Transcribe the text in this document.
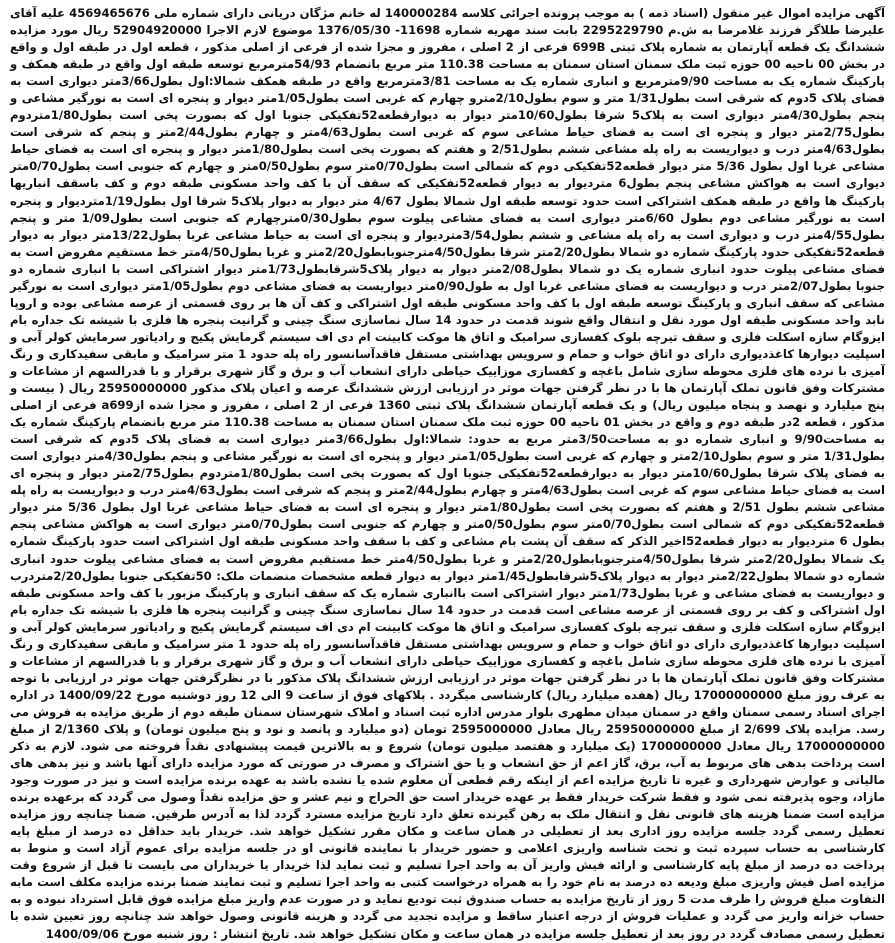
آگهی مزایده اموال غیر منقول (اسناد ذمه ) به موجب پرونده اجرائی کلاسه 140000284 له خانم مژگان دریانی دارای شماره ملی 4569465676 علیه آقای علیرضا طلاگر فرزند غلامرضا به ش.م 2295229790 بابت سند مهریه شماره 11698- 1376/05/30 موضوع لازم الاجرا 52904920000 ریال مورد مزایده ششدانگ یک قطعه آپارتمان به شماره پلاک ثبتی 699B فرعی از 2 اصلی ، مفروز و مجزا شده از فرعی از اصلی مذکور ، قطعه اول در طبقه اول و واقع در بخش 00 ناحیه 00 حوزه ثبت ملک سمنان استان سمنان به مساحت 110.38 متر مربع بانضمام 54/93مترمربع توسعه طبقه اول واقع در طبقه همکف و پارکینگ شماره یک به مساحت 9/90مترمربع و انباری شماره یک به مساحت 3/81مترمربع واقع در طبقه همکف شمالا:اول بطول3/66متر دیواری است به فضای پلاک 5دوم که شرقی است بطول1/31 متر و سوم بطول2/10مترو چهارم که غربی است بطول1/05متر دیوار و پنجره ای است به نورگیر مشاعی و پنجم بطول4/30متر دیواری است به پلاک5 شرقا بطول10/60متر دیوار به دیوارقطعه52تفکیکی جنوبا اول که بصورت پخی است بطول1/80متردوم بطول2/75متر دیوار و پنجره ای است به فضای حیاط مشاعی سوم که غربی است بطول4/63متر و چهارم بطول2/44متر و پنجم که شرقی است بطول4/63متر درب و دیواریست به راه پله مشاعی ششم بطول2/51 و هفتم که بصورت پخی است بطول1/80متر دیوار و پنجره ای است به فضای حیاط مشاعی غربا اول بطول 5/36 متر دیوار قطعه52تفکیکی دوم که شمالی است بطول0/70متر سوم بطول0/50متر و چهارم که جنوبی است بطول0/70متر دیواری است به هواکش مشاعی پنجم بطول6 متردیوار به دیوار قطعه52تفکیکی که سقف آن با کف واحد مسکونی طبقه دوم و کف باسقف انباریها پارکینگ ها واقع در طبقه همکف اشتراکی است حدود توسعه طبقه اول شمالا بطول 4/67 متر دیوار به دیوار پلاک5 شرقا اول بطول1/19متردیوار و پنجره است به نورگیر مشاعی دوم بطول 6/60متر دیواری است به فضای مشاعی پیلوت سوم بطول0/30مترچهارم که جنوبی است بطول1/09 متر و پنجم بطول4/55متر درب و دیواری است به راه پله مشاعی و ششم بطول3/54متردیوار و پنجره ای است به حیاط مشاعی غربا بطول13/22متر دیوار به دیوار قطعه52تفکیکی حدود پارکینگ شماره دو شمالا بطول2/20متر شرقا بطول4/50مترجنوبابطول2/20متر و غربا بطول4/50متر خط مستقیم مفروض است به فضای مشاعی پیلوت حدود انباری شماره یک دو شمالا بطول2/08متر دیوار به دیوار پلاک5شرقابطول1/73متر دیوار اشتراکی است با انباری شماره دو جنوبا بطول2/07متر درب و دیواریست به فضای مشاعی غربا اول به طول0/90متر دیواریست به فضای مشاعی دوم بطول1/05متر دیواری است به نورگیر مشاعی که سقف انباری و پارکینگ توسعه طبقه اول با کف واحد مسکونی طبقه اول اشتراکی و کف آن ها بر روی قسمتی از عرصه مشاعی بوده و اروپا نابد واحد مسکونی طبقه اول مورد نقل و انتقال واقع شوند قدمت در حدود 14 سال نماسازی سنگ چینی و گرانیت پنجره ها فلزی با شیشه تک جداره بام ایزوگام سازه اسکلت فلزی و سقف تیرچه بلوک کفسازی سرامیک و اتاق ها موکت کابینت ام دی اف سیستم گرمایش پکیج و رادیاتور سرمایش کولر آبی و اسپلیت دیوارها کاغذدیواری دارای دو اتاق خواب و حمام و سرویس بهداشتی مستقل فاقدآسانسور راه پله حدود 1 متر سرامیک و مابقی سفیدکاری و رنگ آمیزی با نرده های فلزی محوطه سازی شامل باغچه و کفسازی موزاییک حیاطی دارای انشعاب آب و برق و گاز شهری برقرار و با قدرالسهم از مشاعات و مشترکات وفق قانون تملک آپارتمان ها با در نظر گرفتن جهات موثر در ارزیابی ارزش ششدانگ عرصه و اعیان پلاک مذکور 25950000000 ریال ( بیست و پنج میلیارد و نهصد و پنجاه میلیون ریال) و یک قطعه آپارتمان ششدانگ پلاک ثبتی 1360 فرعی از 2 اصلی ، مفروز و مجزا شده ازa699 فرعی از اصلی مذکور ، قطعه 2در طبقه دوم و واقع در بخش 01 ناحیه 00 حوزه ثبت ملک سمنان استان سمنان به مساحت 110.38 متر مربع بانضمام پارکینگ شماره یک به مساحت9/90 و انباری شماره دو به مساحت3/50متر مربع به حدود: شمالا:اول بطول3/66متر دیواری است به فضای پلاک 5دوم که شرقی است بطول1/31 متر و سوم بطول2/10متر و چهارم که غربی است بطول1/05متر دیوار و پنجره ای است به نورگیر مشاعی و پنجم بطول4/30متر دیواری است به فضای پلاک شرقا بطول10/60متر دیوار به دیوارقطعه52تفکیکی جنوبا اول که بصورت پخی است بطول1/80متردوم بطول2/75متر دیوار و پنجره ای است به فضای حیاط مشاعی سوم که غربی است بطول4/63متر و چهارم بطول2/44متر و پنجم که شرقی است بطول4/63متر درب و دیواریست به راه پله مشاعی ششم بطول 2/51 و هفتم که بصورت پخی است بطول1/80متر دیوار و پنجره ای است به فضای حیاط مشاعی غربا اول بطول 5/36 متر دیوار قطعه52تفکیکی دوم که شمالی است بطول0/70متر سوم بطول0/50متر و چهارم که جنوبی است بطول0/70متر دیواری است به هواکش مشاعی پنجم بطول 6 متردیوار به دیوار قطعه52اخیر الذکر که سقف آن پشت بام مشاعی و کف با سقف واحد مسکونی طبقه اول اشتراکی است حدود پارکینگ شماره یک شمالا بطول2/20متر شرقا بطول4/50مترجنوبابطول2/20متر و غربا بطول4/50متر خط مستقیم مفروض است به فضای مشاعی پیلوت حدود انباری شماره دو شمالا بطول2/22متر دیوار به دیوار پلاک5شرقابطول1/45متر دیوار به دیوار قطعه مشخصات منضمات ملک: 50تفکیکی جنوبا بطول2/20متردرب و دیواریست به فضای مشاعی و غربا بطول1/73متر دیوار اشتراکی است باانباری شماره یک که سقف انباری و پارکینگ مزبور با کف واحد مسکونی طبقه اول اشتراکی و کف بر روی قسمتی از عرصه مشاعی است قدمت در حدود 14 سال نماسازی سنگ چینی و گرانیت پنجره ها فلزی با شیشه تک جداره بام ایزوگام سازه اسکلت فلزی و سقف تیرچه بلوک کفسازی سرامیک و اتاق ها موکت کابینت ام دی اف سیستم گرمایش پکیج و رادیاتور سرمایش کولر آبی و اسپلیت دیوارها کاغذدیواری دارای دو اتاق خواب و حمام و سرویس بهداشتی مستقل فاقدآسانسور راه پله حدود 1 متر سرامیک و مابقی سفیدکاری و رنگ آمیزی با نرده های فلزی محوطه سازی شامل باغچه و کفسازی موزاییک حیاطی دارای انشعاب آب و برق و گاز شهری برقرار و با قدرالسهم از مشاعات و مشترکات وفق قانون تملک آپارتمان ها با در نظر گرفتن جهات موثر در ارزیابی ارزش ششدانگ پلاک مذکور با در نظرگرفتن جهات موثر در ارزیابی با توجه به عرف روز مبلغ 17000000000 ریال (هفده میلیارد ریال) کارشناسی میگردد . پلاکهای فوق از ساعت 9 الی 12 روز دوشنبه مورخ 1400/09/22 در اداره اجرای اسناد رسمی سمنان واقع در سمنان میدان مطهری بلوار مدرس اداره ثبت اسناد و املاک شهرستان سمنان طبقه دوم از طریق مزایده به فروش می رسد. مزایده پلاک 2/699 از مبلغ 25950000000 ریال معادل 2595000000 تومان (دو میلیارد و پانصد و نود و پنج میلیون تومان) و پلاک 2/1360 از مبلغ 17000000000 ریال معادل 1700000000 (یک میلیارد و هفتصد میلیون تومان) شروع و به بالاترین قیمت پیشنهادی نقداً فروخته می شود. لازم به ذکر است پرداخت بدهی های مربوط به آب، برق، گاز اعم از حق انشعاب و یا حق اشتراک و مصرف در صورتی که مورد مزایده دارای آنها باشد و نیز بدهی های مالیاتی و عوارض شهرداری و غیره تا تاریخ مزایده اعم از اینکه رقم قطعی آن معلوم شده یا نشده باشد به عهده برنده مزایده است و نیز در صورت وجود مازاد، وجوه پذیرفته نمی شود و فقط شرکت خریدار فقط بر عهده خریدار است حق الحراج و نیم عشر و حق مزایده نقداً وصول می گردد که برعهده برنده مزایده است ضمنا هزینه های قانونی نقل و انتقال ملک به رهن گیرنده تعلق دارد تاریخ مزایده مسترد گردد لذا به آدرس طرفین. ضمنا چنانچه روز مزایده تعطیل رسمی گردد جلسه مزایده روز اداری بعد از تعطیلی در همان ساعت و مکان مقرر تشکیل خواهد شد. خریدار باید حداقل ده درصد از مبلغ پایه کارشناسی به حساب سپرده ثبت و تحت شناسه واریزی اعلامی و حضور خریدار با نماینده قانونی او در جلسه مزایده برای عموم آزاد است و منوط به پرداخت ده درصد از مبلغ پایه کارشناسی و ارائه فیش واریز آن به واحد اجرا تسلیم و ثبت نماید لذا خریدار یا خریداران می بایست تا قبل از شروع وقت مزایده اصل فیش واریزی مبلغ ودیعه ده درصد به نام خود را به همراه درخواست کتبی به واحد اجرا تسلیم و ثبت نمایند ضمنا برنده مزایده مکلف است مابه التفاوت مبلغ فروش را ظرف مدت 5 روز از تاریخ مزایده به حساب صندوق ثبت تودیع نماید و در صورت عدم واریز مبلغ مزایده فوق قابل استرداد نبوده و به حساب خزانه واریز می گردد و عملیات فروش از درجه اعتبار ساقط و مزایده تجدید می گردد و هزینه قانونی وصول خواهد شد چنانچه روز تعیین شده با تعطیل رسمی مصادف گردد در روز بعد از تعطیل جلسه مزایده در همان ساعت و مکان تشکیل خواهد شد. تاریخ انتشار : روز شنبه مورخ 1400/09/06
